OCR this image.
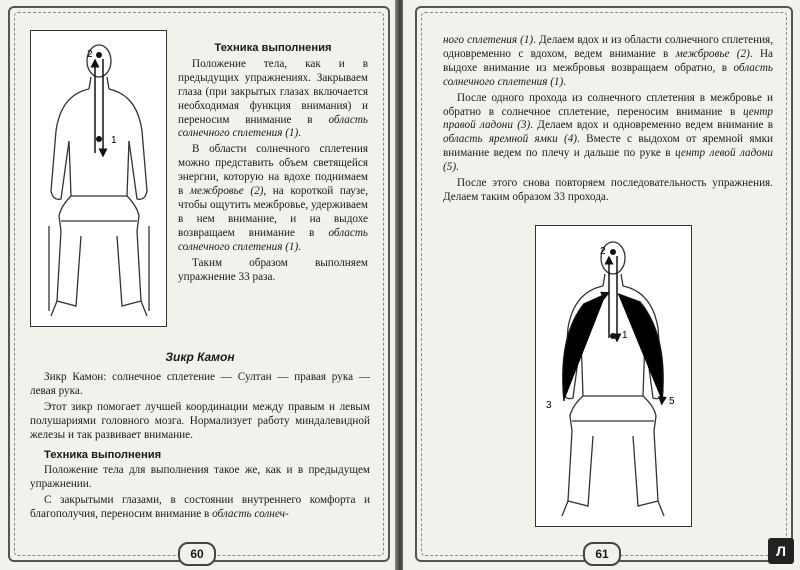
2
1
Техника выполнения

Положение тела, как и в предыдущих упражнениях. Закрываем глаза (при закрытых глазах включается необходимая функция внимания) и переносим внимание в область солнечного сплетения (1).

В области солнечного сплетения можно представить объем светящейся энергии, которую на вдохе поднимаем в межбровье (2), на короткой паузе, чтобы ощутить межбровье, удерживаем в нем внимание, и на выдохе возвращаем внимание в область солнечного сплетения (1).

Таким образом выполняем упражнение 33 раза.

Зикр Камон

Зикр Камон: солнечное сплетение — Султан — правая рука — левая рука.

Этот зикр помогает лучшей координации между правым и левым полушариями головного мозга. Нормализует работу миндалевидной железы и так развивает внимание.

Техника выполнения

Положение тела для выполнения такое же, как и в предыдущем упражнении.

С закрытыми глазами, в состоянии внутреннего комфорта и благополучия, переносим внимание в область солнеч-

60

ного сплетения (1). Делаем вдох и из области солнечного сплетения, одновременно с вдохом, ведем внимание в межбровье (2). На выдохе внимание из межбровья возвращаем обратно, в область солнечного сплетения (1).

После одного прохода из солнечного сплетения в межбровье и обратно в солнечное сплетение, переносим внимание в центр правой ладони (3). Делаем вдох и одновременно ведем внимание в область яремной ямки (4). Вместе с выдохом от яремной ямки внимание ведем по плечу и дальше по руке в центр левой ладони (5).

После этого снова повторяем последовательность упражнения. Делаем таким образом 33 прохода.

2
4
1
3	5
61	Л
